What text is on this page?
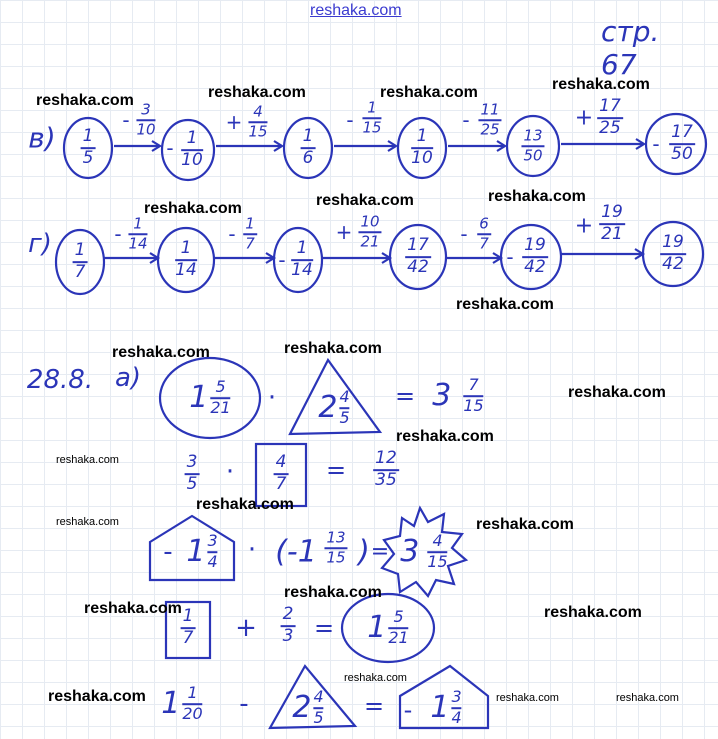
reshaka.com
стр. 67
в) 1
5	- 1
10
1
6
1
10
13
50	- 17
50
- 3
10	+ 4
15	-
1
15	- 11
25	+ 17
25
г) 1
7
1
14	- 1
14
17
42	- 19
42
19
42
- 1
14	- 1
7	+ 10
21	- 6
7
+
19
21
28.8. а)
1 5
21 · 2 4
5
= 3 7
15
3
5 · 4
7 = 12
35
- 1 3
4 · (-1 13
15 ) = 3 4
15
1
7 + 2
3 = 1 5
21
1 1
20 - 2 4
5 = - 1 3
4
reshaka.com	reshaka.com	reshaka.com	reshaka.com
reshaka.com	reshaka.com	reshaka.com
reshaka.com
reshaka.com	reshaka.com
reshaka.com
reshaka.com
reshaka.com
reshaka.com
reshaka.com	reshaka.com
reshaka.com
reshaka.com	reshaka.com
reshaka.com
reshaka.com	reshaka.com	reshaka.com
